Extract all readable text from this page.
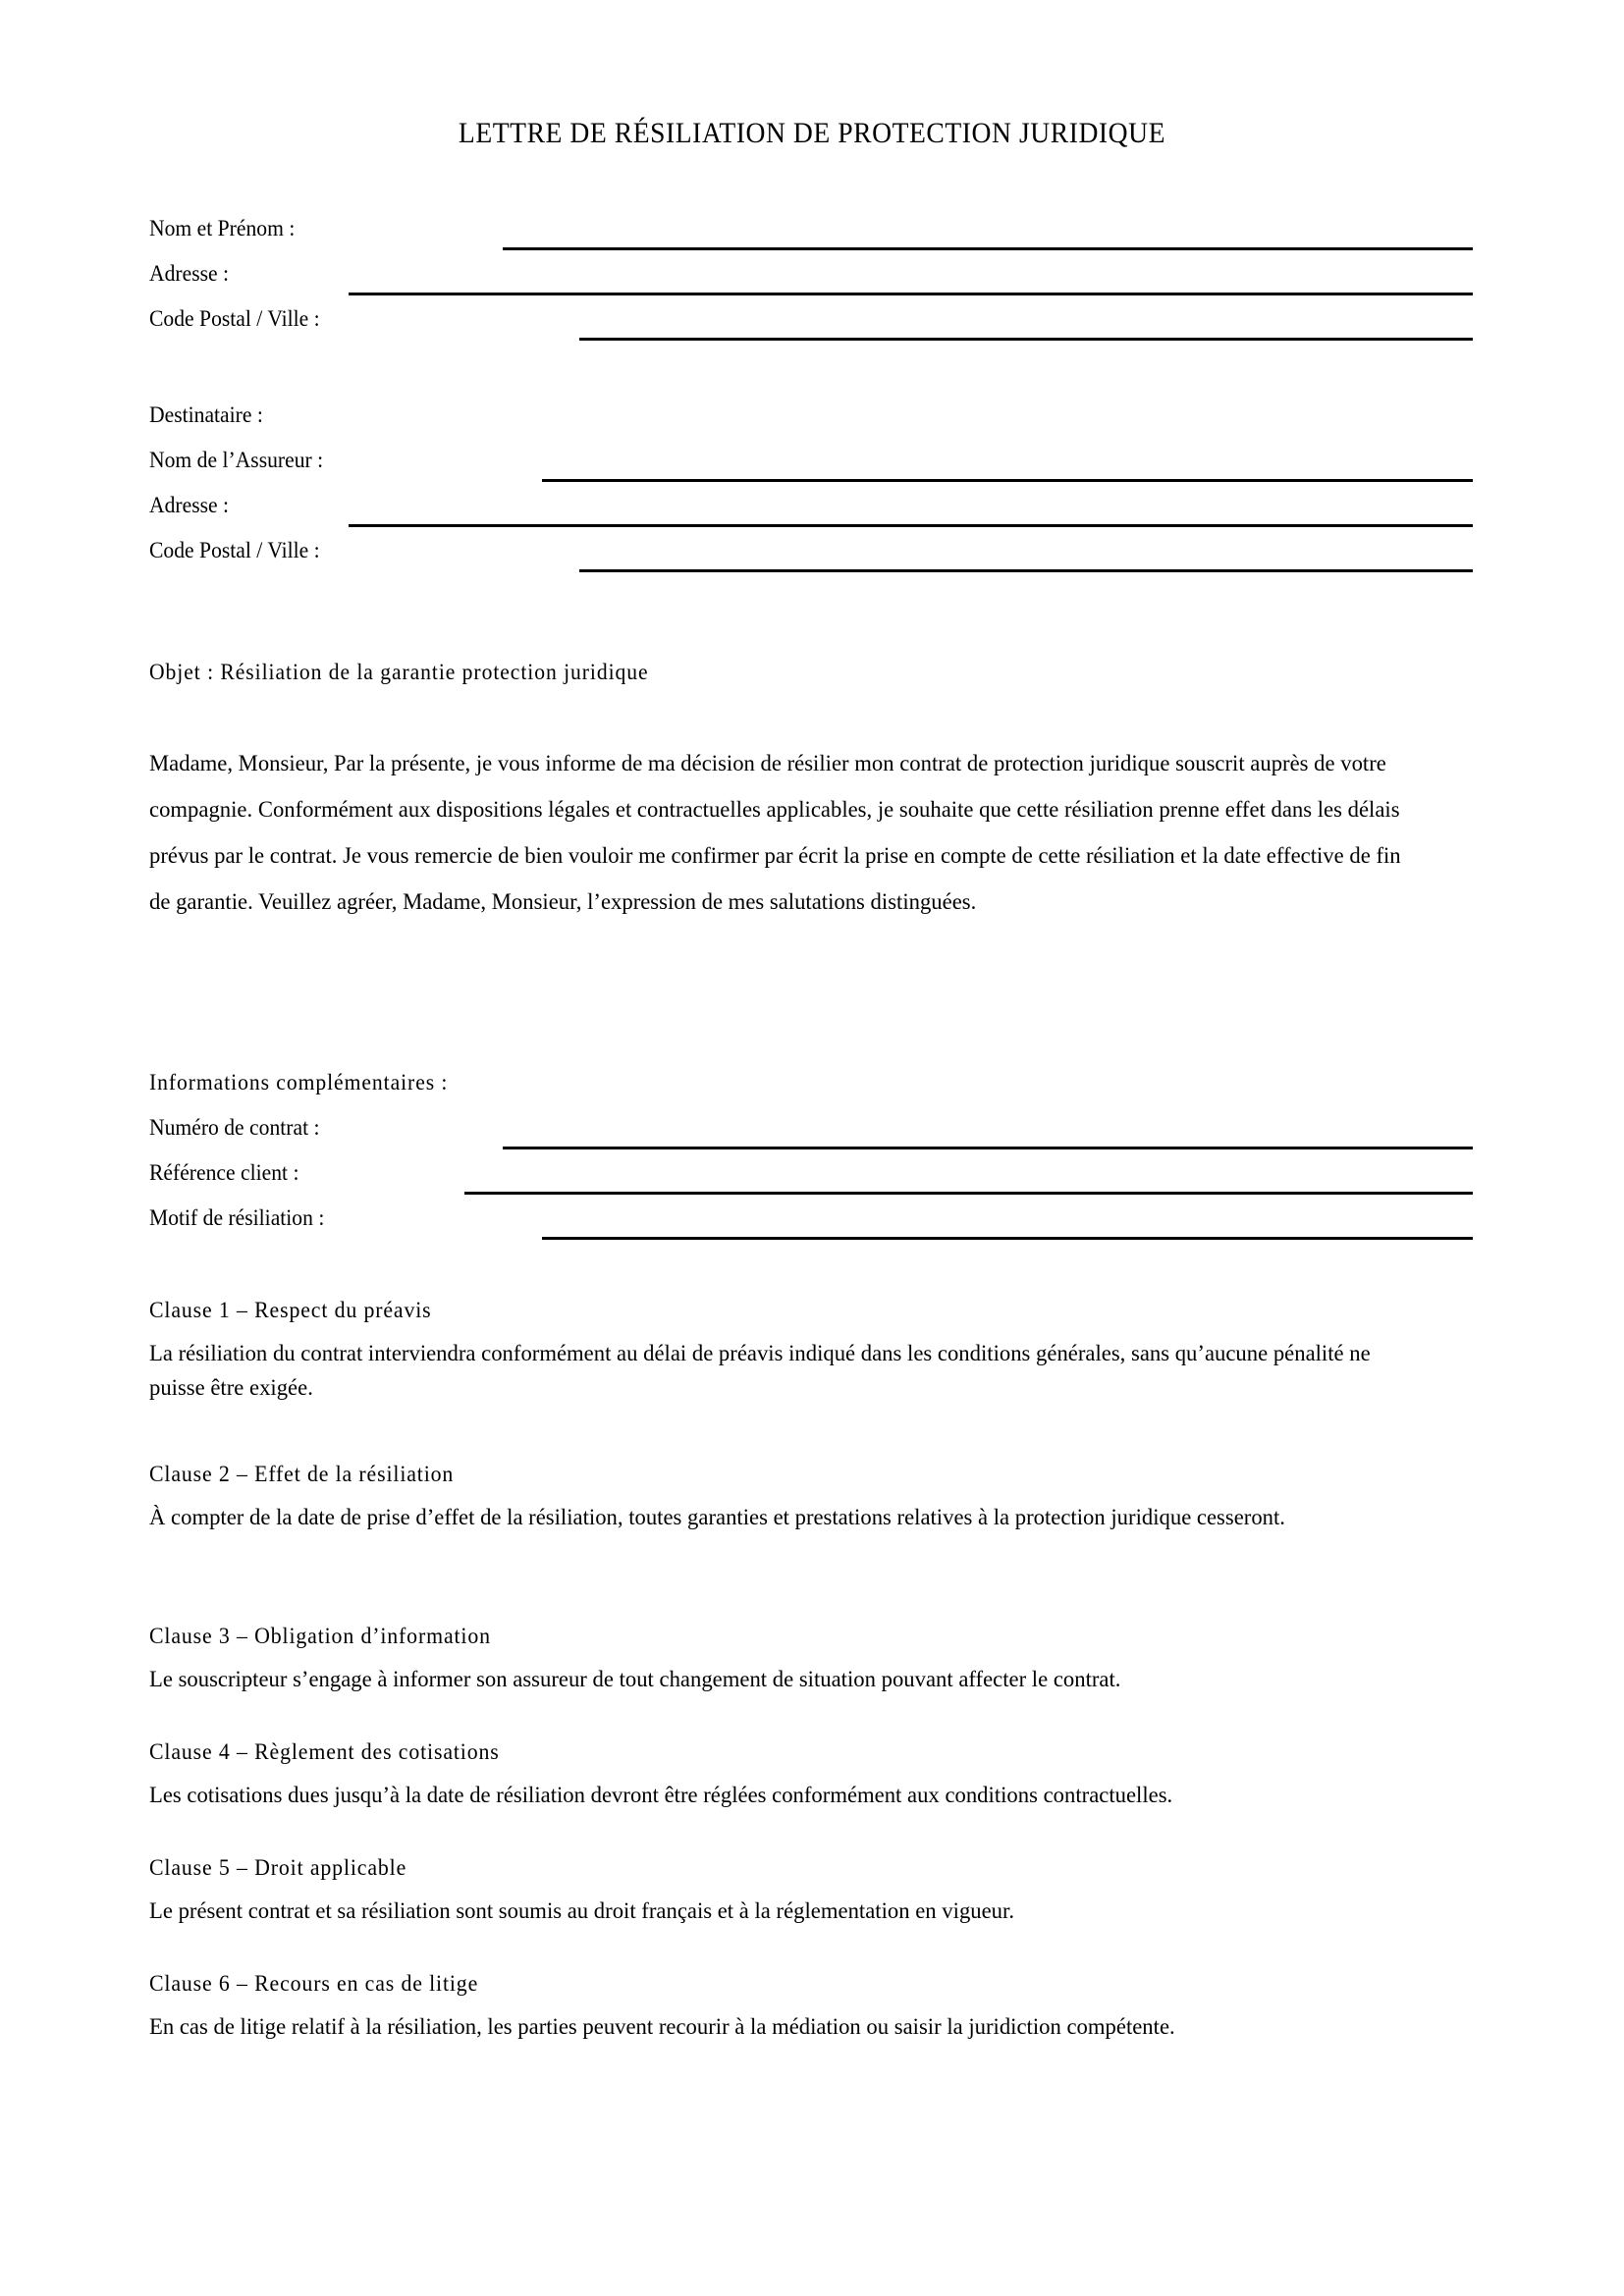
LETTRE DE RÉSILIATION DE PROTECTION JURIDIQUE
Nom et Prénom :
Adresse :
Code Postal / Ville :
Destinataire :
Nom de l’Assureur :
Adresse :
Code Postal / Ville :
Objet : Résiliation de la garantie protection juridique
Madame, Monsieur, Par la présente, je vous informe de ma décision de résilier mon contrat de protection juridique souscrit auprès de votre compagnie. Conformément aux dispositions légales et contractuelles applicables, je souhaite que cette résiliation prenne effet dans les délais prévus par le contrat. Je vous remercie de bien vouloir me confirmer par écrit la prise en compte de cette résiliation et la date effective de fin de garantie. Veuillez agréer, Madame, Monsieur, l’expression de mes salutations distinguées.
Informations complémentaires :
Numéro de contrat :
Référence client :
Motif de résiliation :
Clause 1 – Respect du préavis
La résiliation du contrat interviendra conformément au délai de préavis indiqué dans les conditions générales, sans qu’aucune pénalité ne puisse être exigée.
Clause 2 – Effet de la résiliation
À compter de la date de prise d’effet de la résiliation, toutes garanties et prestations relatives à la protection juridique cesseront.
Clause 3 – Obligation d’information
Le souscripteur s’engage à informer son assureur de tout changement de situation pouvant affecter le contrat.
Clause 4 – Règlement des cotisations
Les cotisations dues jusqu’à la date de résiliation devront être réglées conformément aux conditions contractuelles.
Clause 5 – Droit applicable
Le présent contrat et sa résiliation sont soumis au droit français et à la réglementation en vigueur.
Clause 6 – Recours en cas de litige
En cas de litige relatif à la résiliation, les parties peuvent recourir à la médiation ou saisir la juridiction compétente.
